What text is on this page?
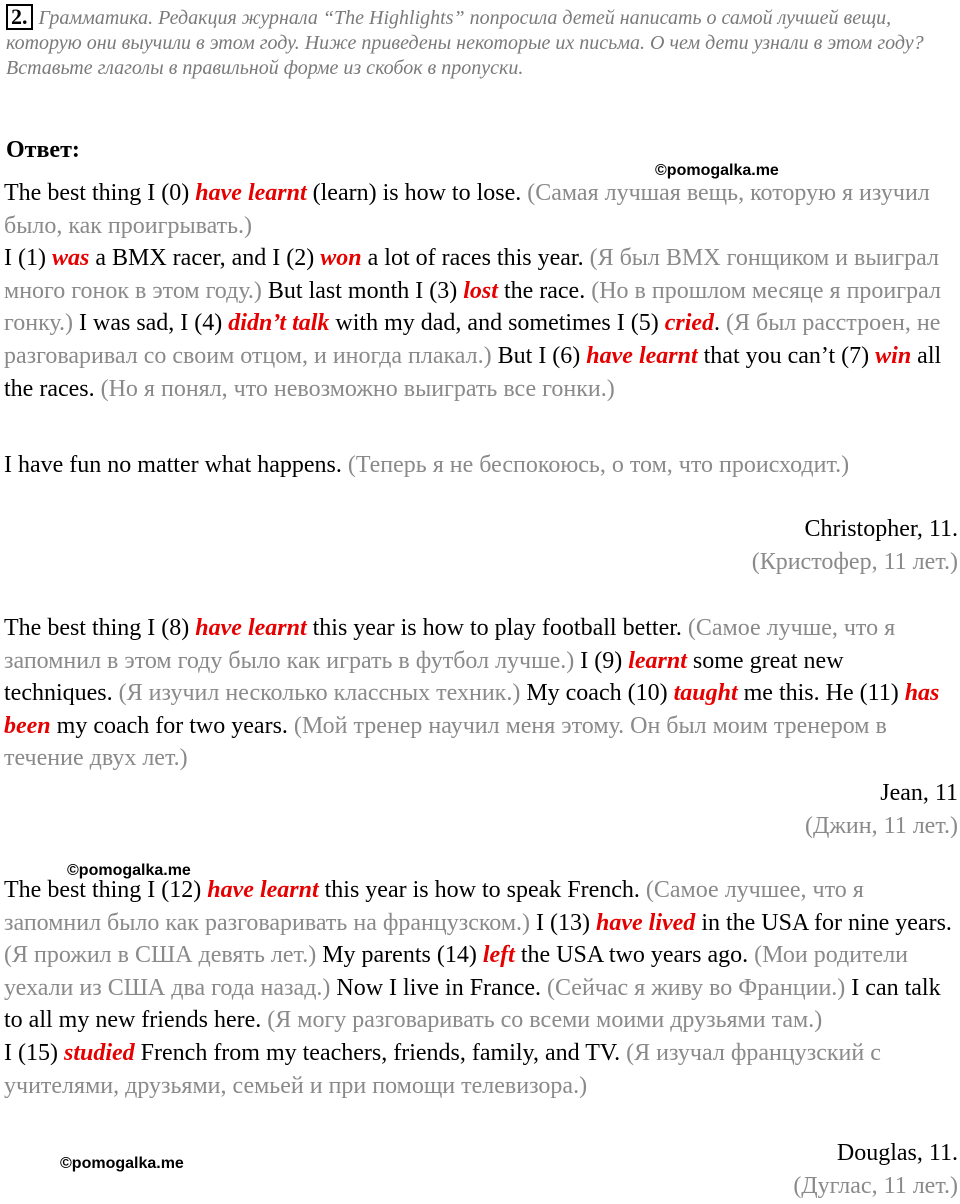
2. Грамматика. Редакция журнала “The Highlights” попросила детей написать о самой лучшей вещи, которую они выучили в этом году. Ниже приведены некоторые их письма. О чем дети узнали в этом году? Вставьте глаголы в правильной форме из скобок в пропуски.
Ответ:
©pomogalka.me
The best thing I (0) have learnt (learn) is how to lose. (Самая лучшая вещь, которую я изучил было, как проигрывать.)
I (1) was a BMX racer, and I (2) won a lot of races this year. (Я был BMX гонщиком и выиграл много гонок в этом году.) But last month I (3) lost the race. (Но в прошлом месяце я проиграл гонку.) I was sad, I (4) didn’t talk with my dad, and sometimes I (5) cried. (Я был расстроен, не разговаривал со своим отцом, и иногда плакал.) But I (6) have learnt that you can’t (7) win all the races. (Но я понял, что невозможно выиграть все гонки.)
I have fun no matter what happens. (Теперь я не беспокоюсь, о том, что происходит.)
Christopher, 11.
(Кристофер, 11 лет.)
The best thing I (8) have learnt this year is how to play football better. (Самое лучше, что я запомнил в этом году было как играть в футбол лучше.) I (9) learnt some great new techniques. (Я изучил несколько классных техник.) My coach (10) taught me this. He (11) has been my coach for two years. (Мой тренер научил меня этому. Он был моим тренером в течение двух лет.)
Jean, 11
(Джин, 11 лет.)
©pomogalka.me
The best thing I (12) have learnt this year is how to speak French. (Самое лучшее, что я запомнил было как разговаривать на французском.) I (13) have lived in the USA for nine years. (Я прожил в США девять лет.) My parents (14) left the USA two years ago. (Мои родители уехали из США два года назад.) Now I live in France. (Сейчас я живу во Франции.) I can talk to all my new friends here. (Я могу разговаривать со всеми моими друзьями там.)
I (15) studied French from my teachers, friends, family, and TV. (Я изучал французский с учителями, друзьями, семьей и при помощи телевизора.)
©pomogalka.me	Douglas, 11.
(Дуглас, 11 лет.)
